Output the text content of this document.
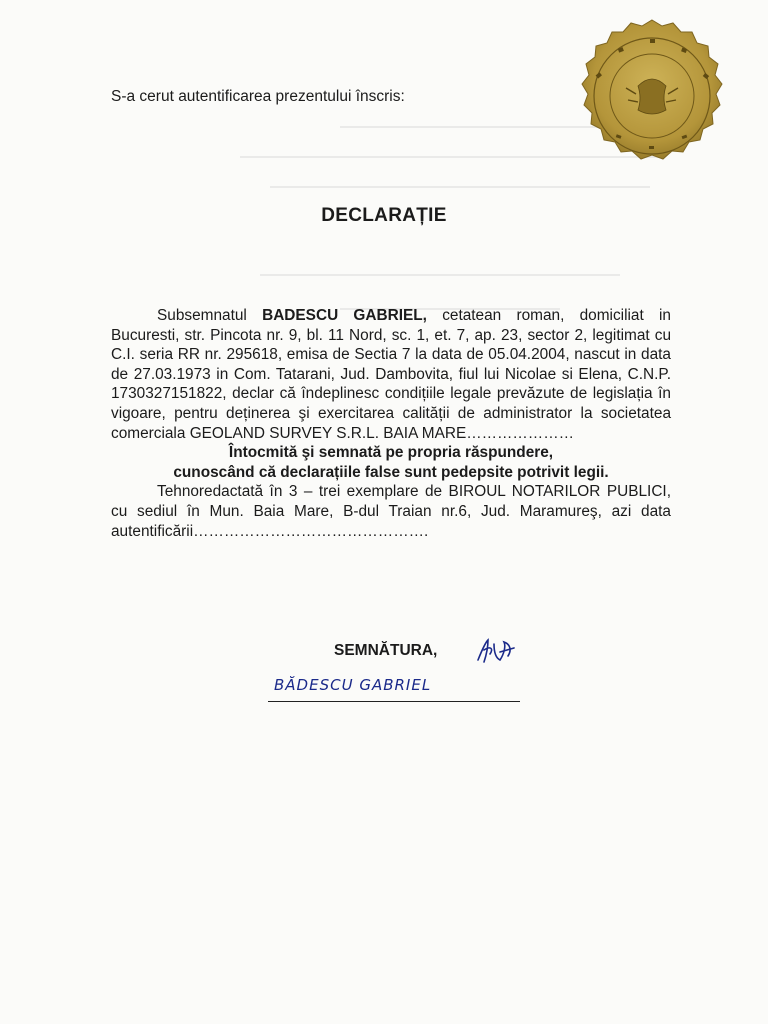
S-a cerut autentificarea prezentului înscris:
DECLARAȚIE

Subsemnatul BADESCU GABRIEL, cetatean roman, domiciliat in Bucuresti, str. Pincota nr. 9, bl. 11 Nord, sc. 1, et. 7, ap. 23, sector 2, legitimat cu C.I. seria RR nr. 295618, emisa de Sectia 7 la data de 05.04.2004, nascut in data de 27.03.1973 in Com. Tatarani, Jud. Dambovita, fiul lui Nicolae si Elena, C.N.P. 1730327151822, declar că îndeplinesc condițiile legale prevăzute de legislația în vigoare, pentru deținerea şi exercitarea calității de administrator la societatea comerciala GEOLAND SURVEY S.R.L. BAIA MARE…………………

Întocmită şi semnată pe propria răspundere,

cunoscând că declarațiile false sunt pedepsite potrivit legii.

Tehnoredactată în 3 – trei exemplare de BIROUL NOTARILOR PUBLICI, cu sediul în Mun. Baia Mare, B-dul Traian nr.6, Jud. Maramureş, azi data autentificării……………………………………….

SEMNĂTURA,
BĂDESCU GABRIEL
